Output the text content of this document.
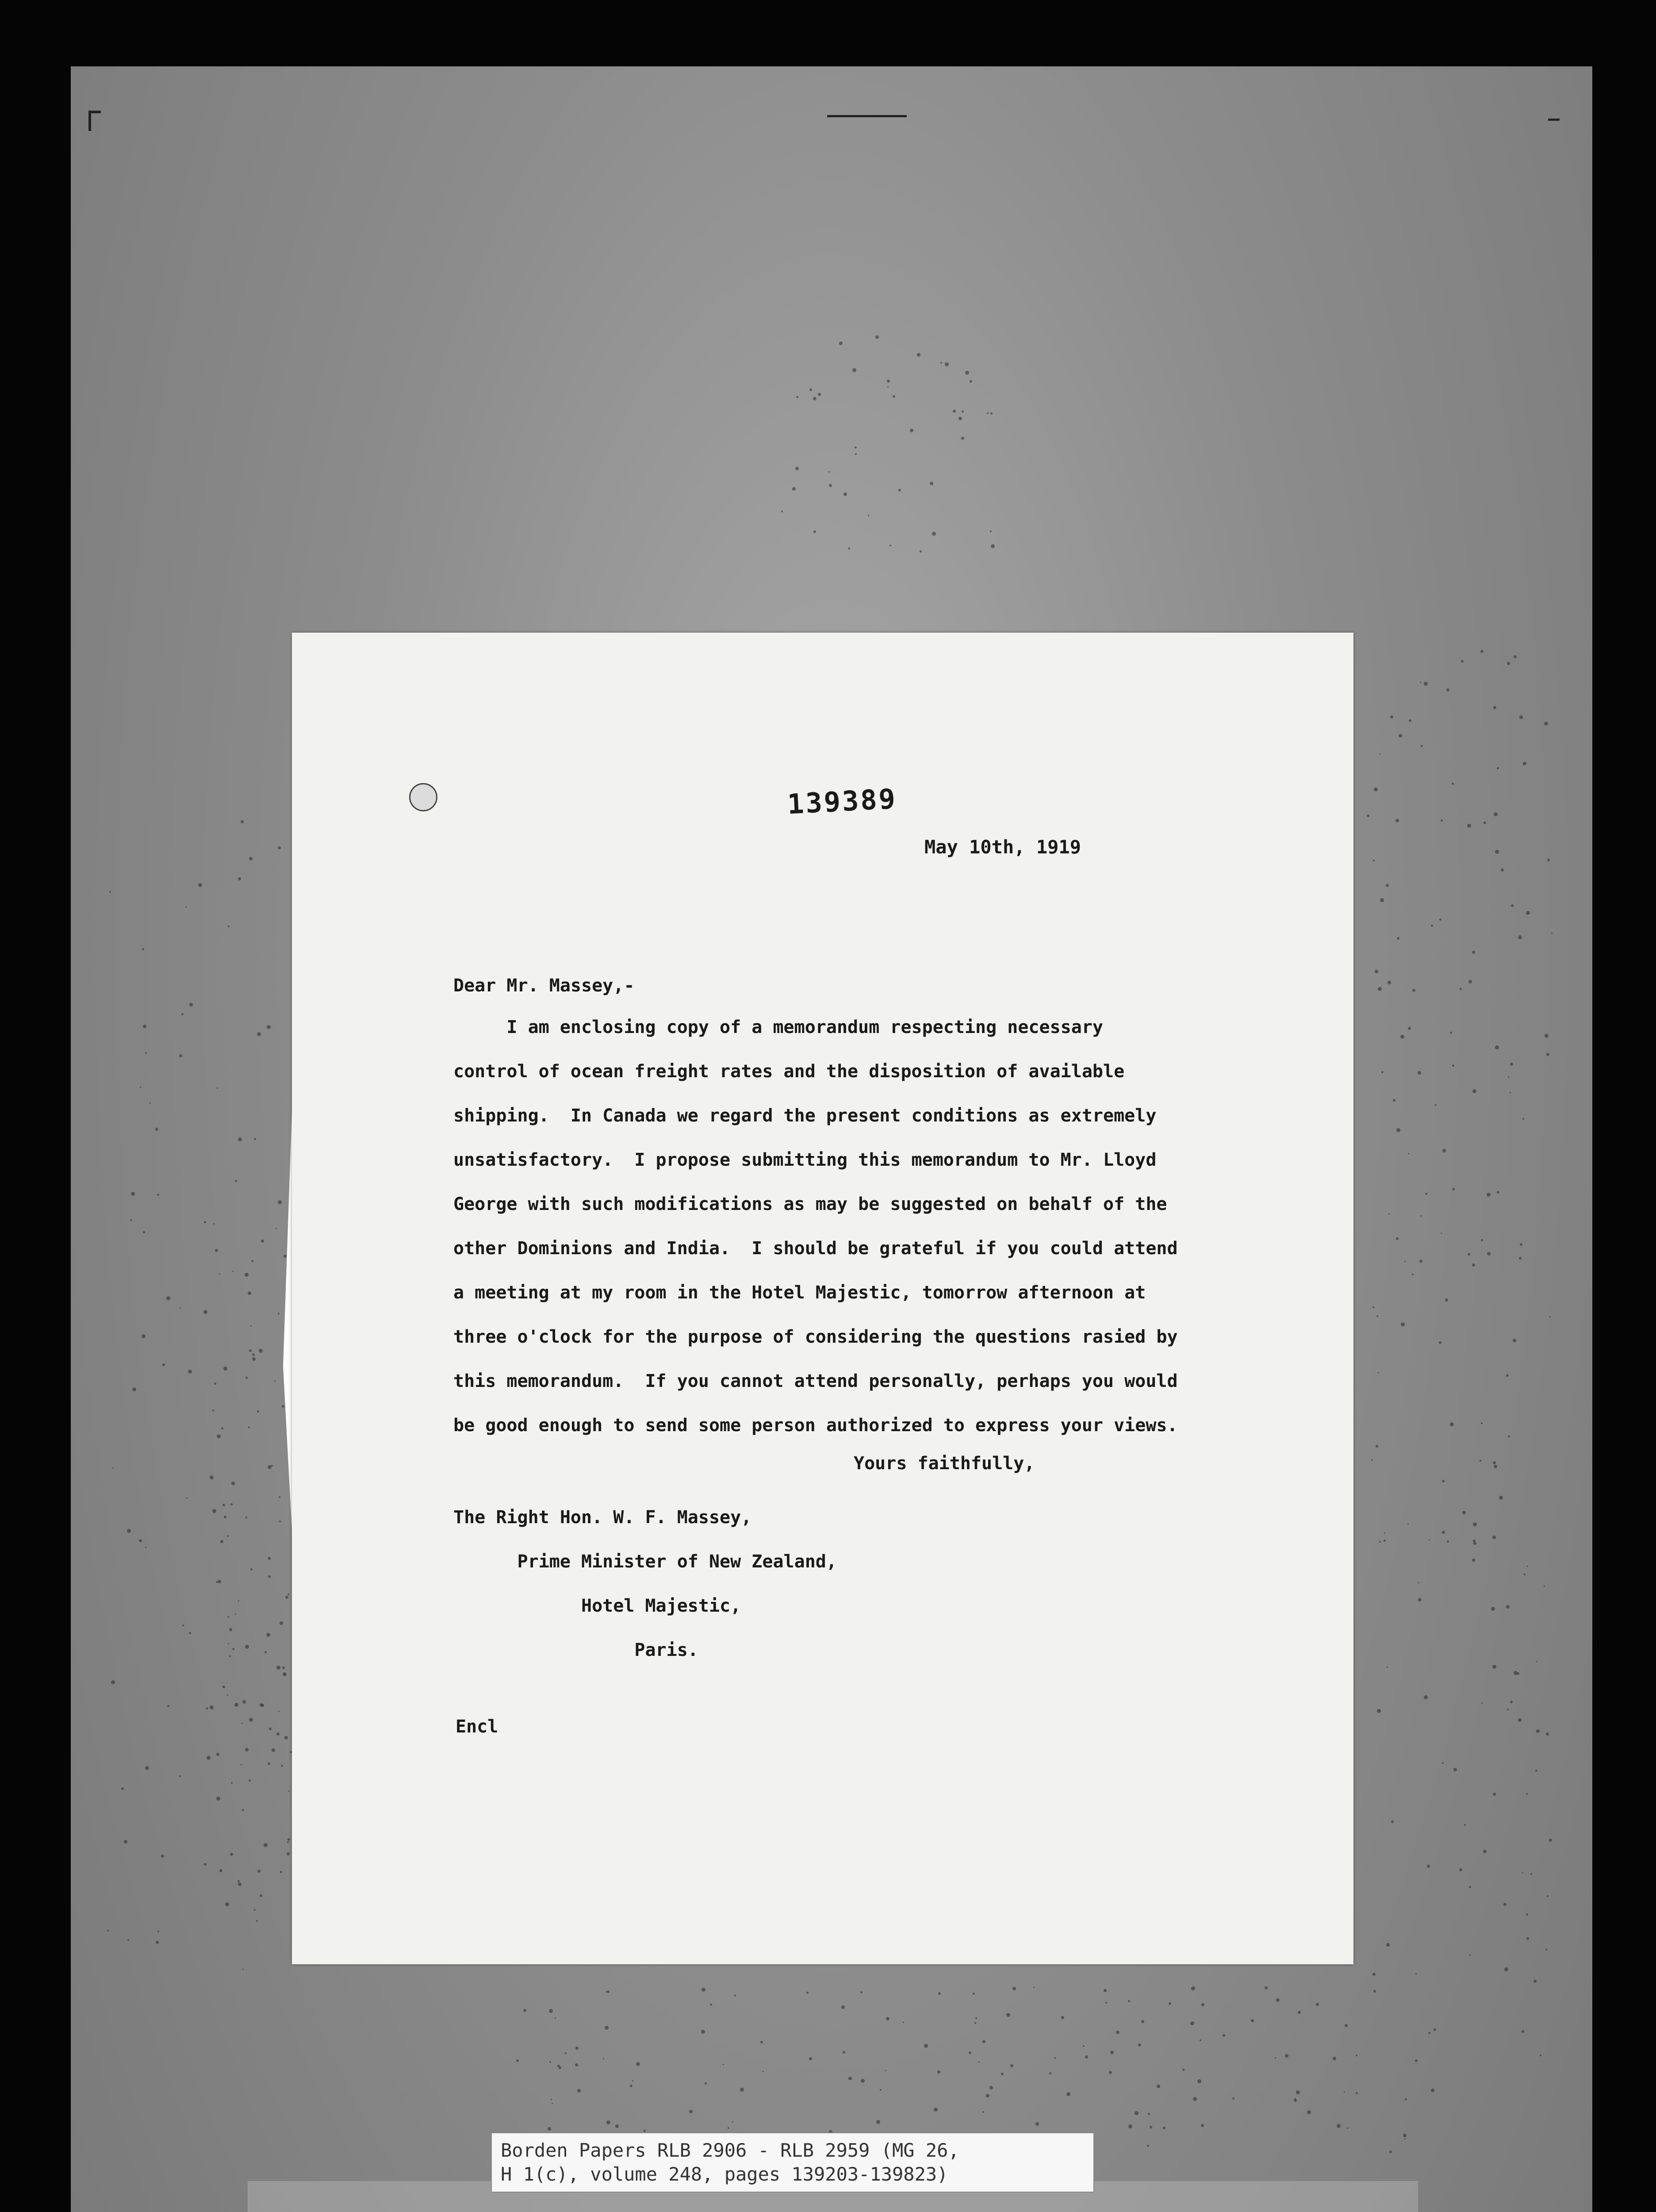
139389
May 10th, 1919
Dear Mr. Massey,-
I am enclosing copy of a memorandum respecting necessary
control of ocean freight rates and the disposition of available
shipping.  In Canada we regard the present conditions as extremely
unsatisfactory.  I propose submitting this memorandum to Mr. Lloyd
George with such modifications as may be suggested on behalf of the
other Dominions and India.  I should be grateful if you could attend
a meeting at my room in the Hotel Majestic, tomorrow afternoon at
three o'clock for the purpose of considering the questions rasied by
this memorandum.  If you cannot attend personally, perhaps you would
be good enough to send some person authorized to express your views.
Yours faithfully,
The Right Hon. W. F. Massey,
Prime Minister of New Zealand,
Hotel Majestic,
Paris.
Encl
Borden Papers RLB 2906 - RLB 2959 (MG 26,
H 1(c), volume 248, pages 139203-139823)
